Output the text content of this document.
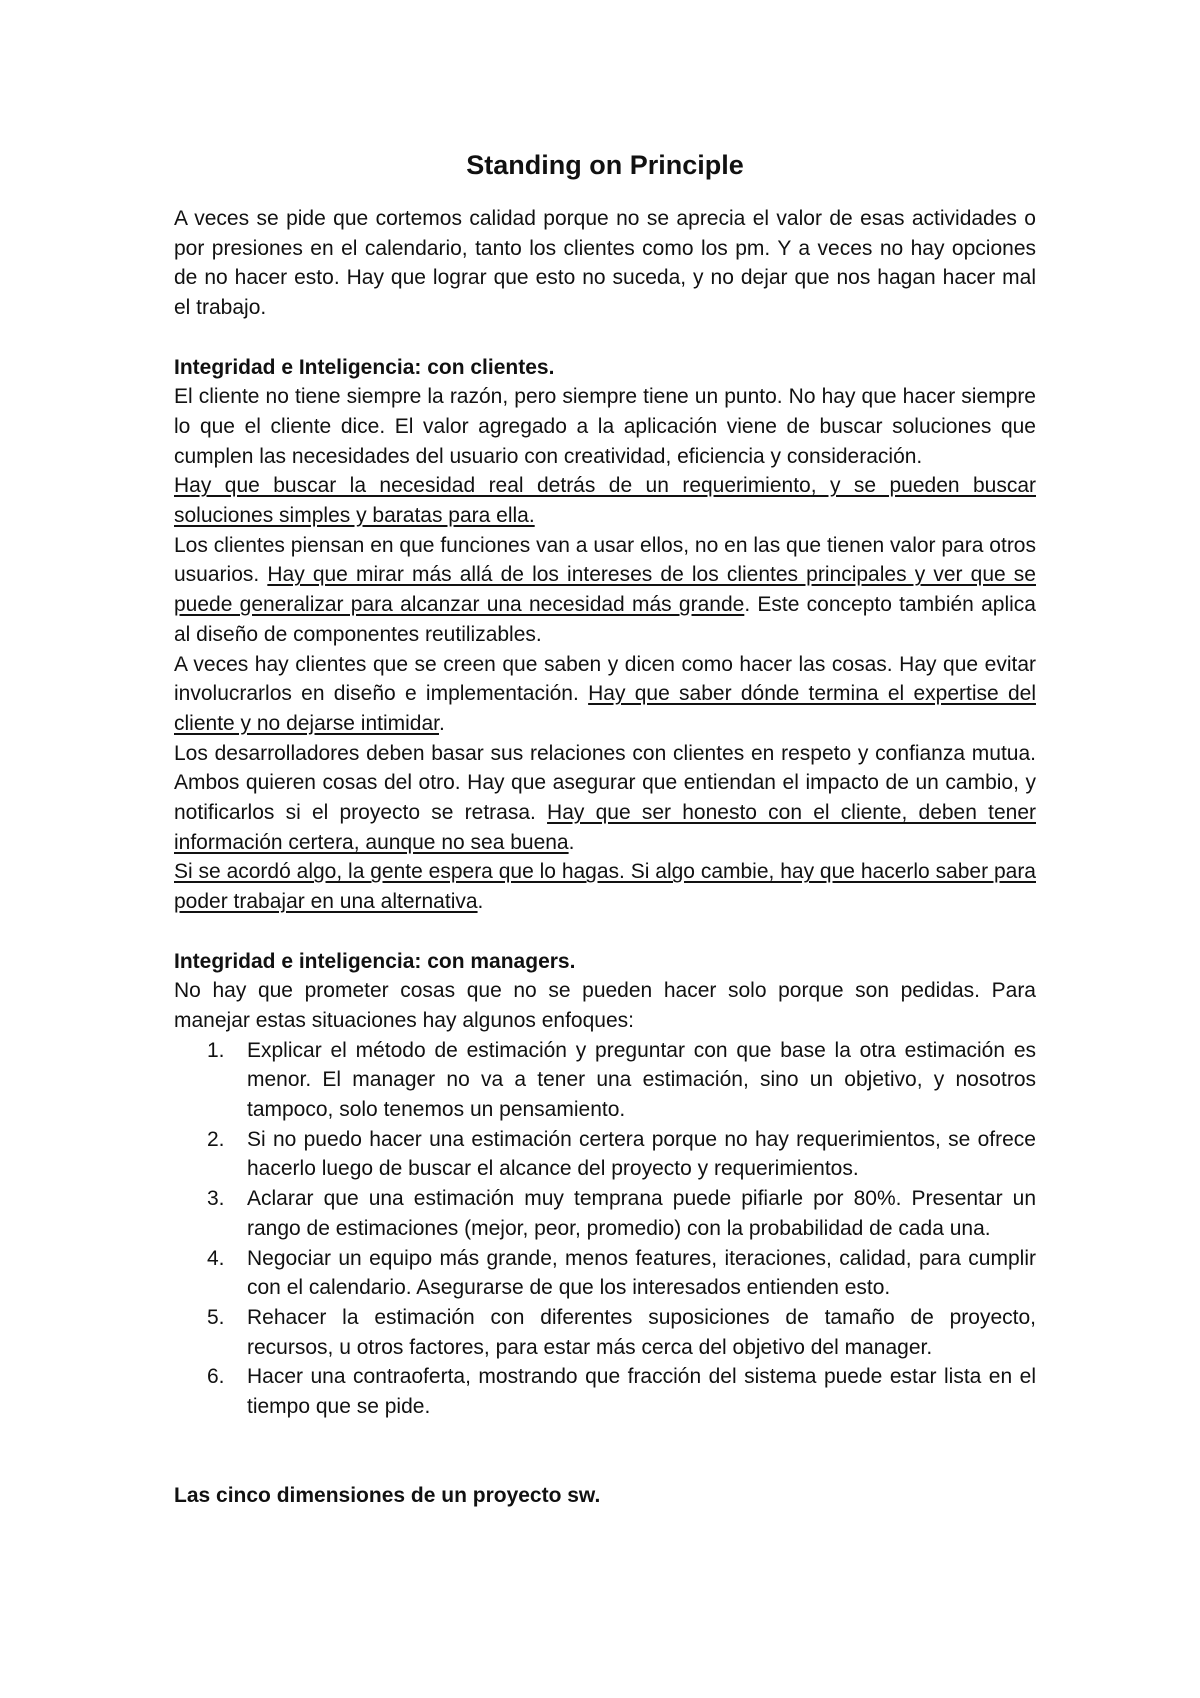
Standing on Principle

A veces se pide que cortemos calidad porque no se aprecia el valor de esas actividades o por presiones en el calendario, tanto los clientes como los pm. Y a veces no hay opciones de no hacer esto. Hay que lograr que esto no suceda, y no dejar que nos hagan hacer mal el trabajo.

Integridad e Inteligencia: con clientes.

El cliente no tiene siempre la razón, pero siempre tiene un punto. No hay que hacer siempre lo que el cliente dice. El valor agregado a la aplicación viene de buscar soluciones que cumplen las necesidades del usuario con creatividad, eficiencia y consideración.

Hay que buscar la necesidad real detrás de un requerimiento, y se pueden buscar soluciones simples y baratas para ella.

Los clientes piensan en que funciones van a usar ellos, no en las que tienen valor para otros usuarios. Hay que mirar más allá de los intereses de los clientes principales y ver que se puede generalizar para alcanzar una necesidad más grande. Este concepto también aplica al diseño de componentes reutilizables.

A veces hay clientes que se creen que saben y dicen como hacer las cosas. Hay que evitar involucrarlos en diseño e implementación. Hay que saber dónde termina el expertise del cliente y no dejarse intimidar.

Los desarrolladores deben basar sus relaciones con clientes en respeto y confianza mutua. Ambos quieren cosas del otro. Hay que asegurar que entiendan el impacto de un cambio, y notificarlos si el proyecto se retrasa. Hay que ser honesto con el cliente, deben tener información certera, aunque no sea buena.

Si se acordó algo, la gente espera que lo hagas. Si algo cambie, hay que hacerlo saber para poder trabajar en una alternativa.

Integridad e inteligencia: con managers.

No hay que prometer cosas que no se pueden hacer solo porque son pedidas. Para manejar estas situaciones hay algunos enfoques:

1. Explicar el método de estimación y preguntar con que base la otra estimación es menor. El manager no va a tener una estimación, sino un objetivo, y nosotros tampoco, solo tenemos un pensamiento.
2. Si no puedo hacer una estimación certera porque no hay requerimientos, se ofrece hacerlo luego de buscar el alcance del proyecto y requerimientos.
3. Aclarar que una estimación muy temprana puede pifiarle por 80%. Presentar un rango de estimaciones (mejor, peor, promedio) con la probabilidad de cada una.
4. Negociar un equipo más grande, menos features, iteraciones, calidad, para cumplir con el calendario. Asegurarse de que los interesados entienden esto.
5. Rehacer la estimación con diferentes suposiciones de tamaño de proyecto, recursos, u otros factores, para estar más cerca del objetivo del manager.
6. Hacer una contraoferta, mostrando que fracción del sistema puede estar lista en el tiempo que se pide.

Las cinco dimensiones de un proyecto sw.
